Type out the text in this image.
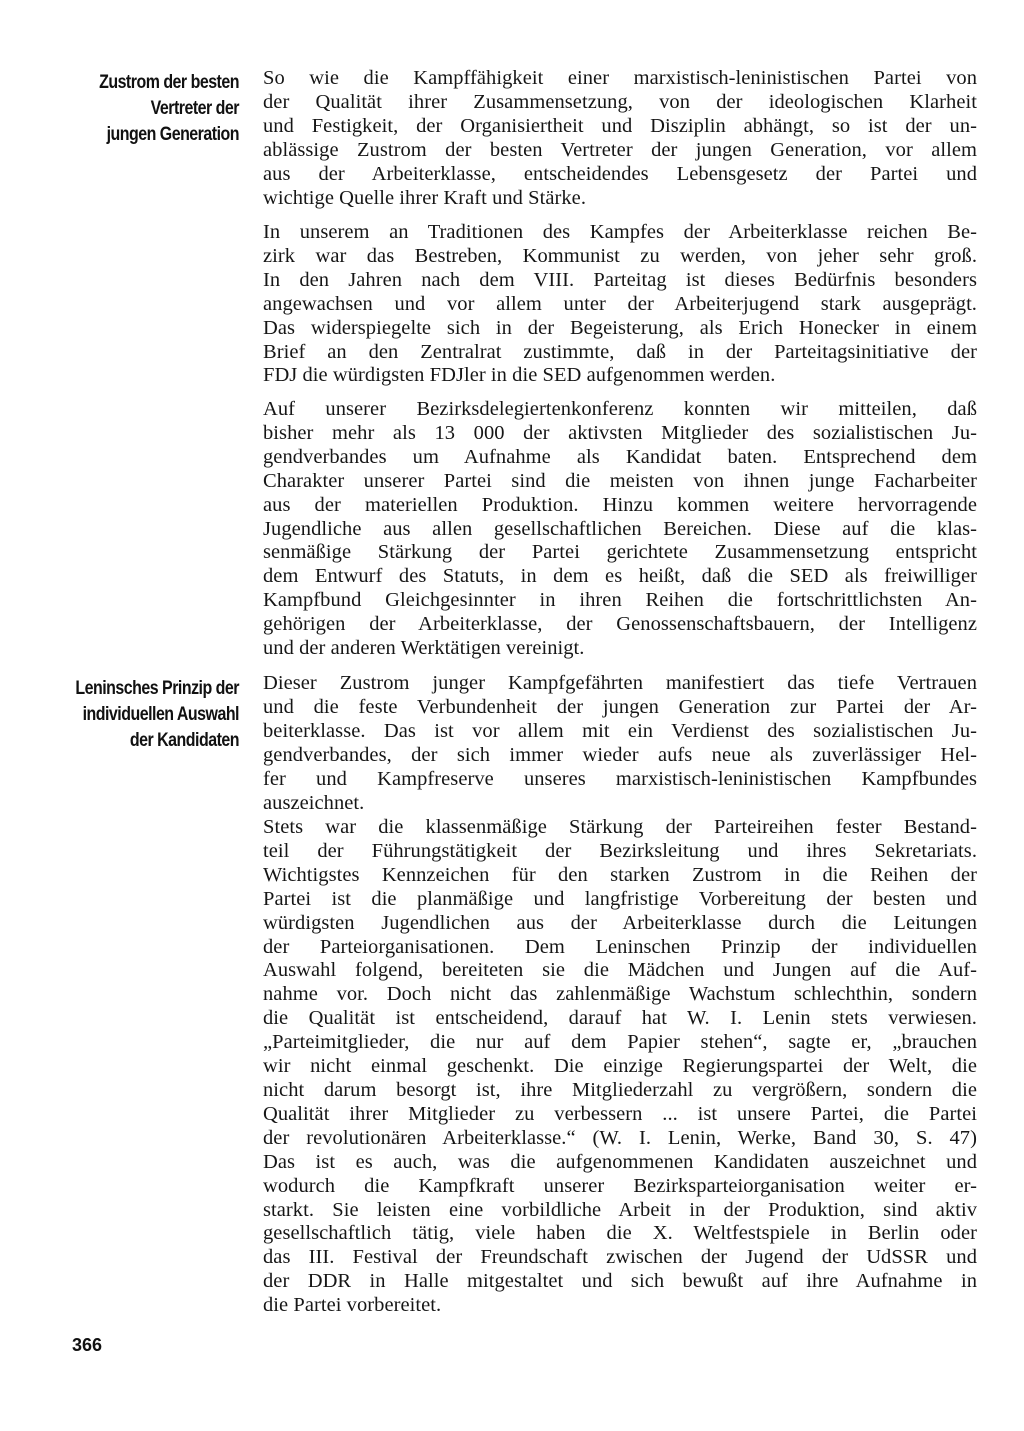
Zustrom der besten
Vertreter der
jungen Generation
Leninsches Prinzip der
individuellen Auswahl
der Kandidaten
So wie die Kampffähigkeit einer marxistisch-leninistischen Partei von
der Qualität ihrer Zusammensetzung, von der ideologischen Klarheit
und Festigkeit, der Organisiertheit und Disziplin abhängt, so ist der un-
ablässige Zustrom der besten Vertreter der jungen Generation, vor allem
aus der Arbeiterklasse, entscheidendes Lebensgesetz der Partei und
wichtige Quelle ihrer Kraft und Stärke.
In unserem an Traditionen des Kampfes der Arbeiterklasse reichen Be-
zirk war das Bestreben, Kommunist zu werden, von jeher sehr groß.
In den Jahren nach dem VIII. Parteitag ist dieses Bedürfnis besonders
angewachsen und vor allem unter der Arbeiterjugend stark ausgeprägt.
Das widerspiegelte sich in der Begeisterung, als Erich Honecker in einem
Brief an den Zentralrat zustimmte, daß in der Parteitagsinitiative der
FDJ die würdigsten FDJler in die SED aufgenommen werden.
Auf unserer Bezirksdelegiertenkonferenz konnten wir mitteilen, daß
bisher mehr als 13 000 der aktivsten Mitglieder des sozialistischen Ju-
gendverbandes um Aufnahme als Kandidat baten. Entsprechend dem
Charakter unserer Partei sind die meisten von ihnen junge Facharbeiter
aus der materiellen Produktion. Hinzu kommen weitere hervorragende
Jugendliche aus allen gesellschaftlichen Bereichen. Diese auf die klas-
senmäßige Stärkung der Partei gerichtete Zusammensetzung entspricht
dem Entwurf des Statuts, in dem es heißt, daß die SED als freiwilliger
Kampfbund Gleichgesinnter in ihren Reihen die fortschrittlichsten An-
gehörigen der Arbeiterklasse, der Genossenschaftsbauern, der Intelligenz
und der anderen Werktätigen vereinigt.
Dieser Zustrom junger Kampfgefährten manifestiert das tiefe Vertrauen
und die feste Verbundenheit der jungen Generation zur Partei der Ar-
beiterklasse. Das ist vor allem mit ein Verdienst des sozialistischen Ju-
gendverbandes, der sich immer wieder aufs neue als zuverlässiger Hel-
fer und Kampfreserve unseres marxistisch-leninistischen Kampfbundes
auszeichnet.
Stets war die klassenmäßige Stärkung der Parteireihen fester Bestand-
teil der Führungstätigkeit der Bezirksleitung und ihres Sekretariats.
Wichtigstes Kennzeichen für den starken Zustrom in die Reihen der
Partei ist die planmäßige und langfristige Vorbereitung der besten und
würdigsten Jugendlichen aus der Arbeiterklasse durch die Leitungen
der Parteiorganisationen. Dem Leninschen Prinzip der individuellen
Auswahl folgend, bereiteten sie die Mädchen und Jungen auf die Auf-
nahme vor. Doch nicht das zahlenmäßige Wachstum schlechthin, sondern
die Qualität ist entscheidend, darauf hat W. I. Lenin stets verwiesen.
„Parteimitglieder, die nur auf dem Papier stehen“, sagte er, „brauchen
wir nicht einmal geschenkt. Die einzige Regierungspartei der Welt, die
nicht darum besorgt ist, ihre Mitgliederzahl zu vergrößern, sondern die
Qualität ihrer Mitglieder zu verbessern ... ist unsere Partei, die Partei
der revolutionären Arbeiterklasse.“ (W. I. Lenin, Werke, Band 30, S. 47)
Das ist es auch, was die aufgenommenen Kandidaten auszeichnet und
wodurch die Kampfkraft unserer Bezirksparteiorganisation weiter er-
starkt. Sie leisten eine vorbildliche Arbeit in der Produktion, sind aktiv
gesellschaftlich tätig, viele haben die X. Weltfestspiele in Berlin oder
das III. Festival der Freundschaft zwischen der Jugend der UdSSR und
der DDR in Halle mitgestaltet und sich bewußt auf ihre Aufnahme in
die Partei vorbereitet.
366
